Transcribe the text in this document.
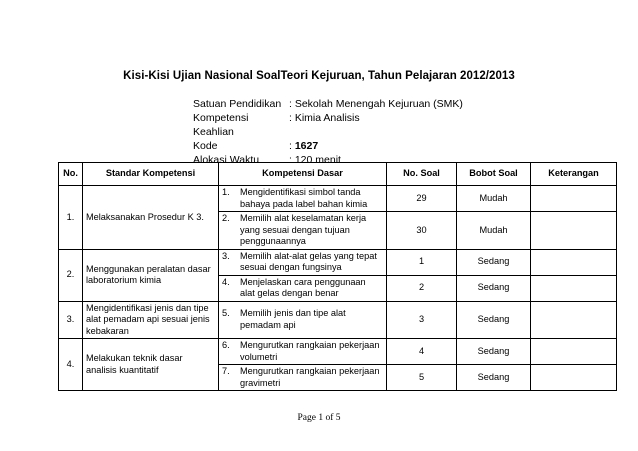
Kisi-Kisi Ujian Nasional SoalTeori Kejuruan, Tahun Pelajaran 2012/2013
Satuan Pendidikan : Sekolah Menengah Kejuruan (SMK)
Kompetensi Keahlian
: Kimia Analisis
Kode	: 1627
Alokasi Waktu	: 120 menit
No.	Standar Kompetensi	Kompetensi Dasar	No. Soal	Bobot Soal	Keterangan
1.	Melaksanakan Prosedur K 3.	1. Mengidentifikasi simbol tanda bahaya pada label bahan kimia	29	Mudah	

		2. Memilih alat keselamatan kerja yang sesuai dengan tujuan penggunaannya	30	Mudah	
2.	Menggunakan peralatan dasar laboratorium kimia	3. Memilih alat-alat gelas yang tepat sesuai dengan fungsinya	1	Sedang	

		4. Menjelaskan cara penggunaan alat gelas dengan benar	2	Sedang	
3.	Mengidentifikasi jenis dan tipe alat pemadam api sesuai jenis kebakaran	5. Memilih jenis dan tipe alat pemadam api	3	Sedang	
4.	Melakukan teknik dasar analisis kuantitatif	6. Mengurutkan rangkaian pekerjaan volumetri	4	Sedang	

		7. Mengurutkan rangkaian pekerjaan gravimetri	5	Sedang	
Page 1 of 5
